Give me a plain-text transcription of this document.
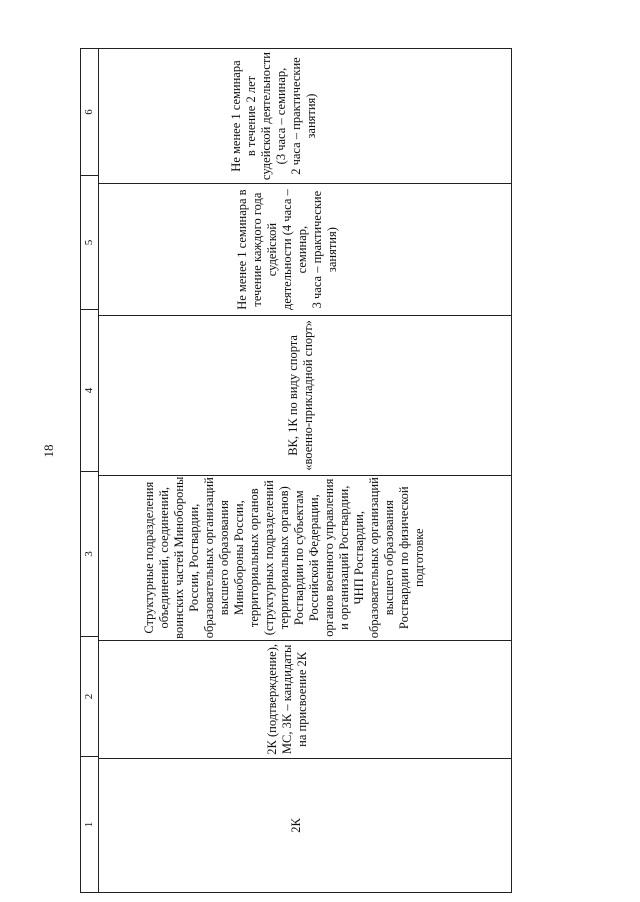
18
1
2
3
4
5
6
2К
2К (подтверждение), МС, 3К – кандидаты на присвоение 2К
Структурные подразделения объединений, соединений, воинских частей Минобороны России, Росгвардии, образовательных организаций высшего образования Минобороны России, территориальных органов (структурных подразделений территориальных органов) Росгвардии по субъектам Российской Федерации, органов военного управления и организаций Росгвардии, ЧНП Росгвардии, образовательных организаций высшего образования Росгвардии по физической подготовке
ВК, 1К по виду спорта «военно-прикладной спорт»
Не менее 1 семинара в течение каждого года судейской деятельности (4 часа – семинар, 3 часа – практические занятия)
Не менее 1 семинара в течение 2 лет судейской деятельности (3 часа – семинар, 2 часа – практические занятия)
